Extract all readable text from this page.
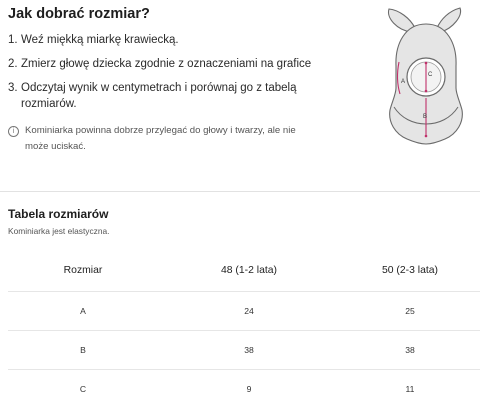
Jak dobrać rozmiar?
1. Weź miękką miarkę krawiecką.
2. Zmierz głowę dziecka zgodnie z oznaczeniami na grafice
3. Odczytaj wynik w centymetrach i porównaj go z tabelą rozmiarów.
i	Kominiarka powinna dobrze przylegać do głowy i twarzy, ale nie może uciskać.
A
C
B
Tabela rozmiarów
Kominiarka jest elastyczna.
Rozmiar	48 (1-2 lata)	50 (2-3 lata)
A	24	25
B	38	38
C	9	11
